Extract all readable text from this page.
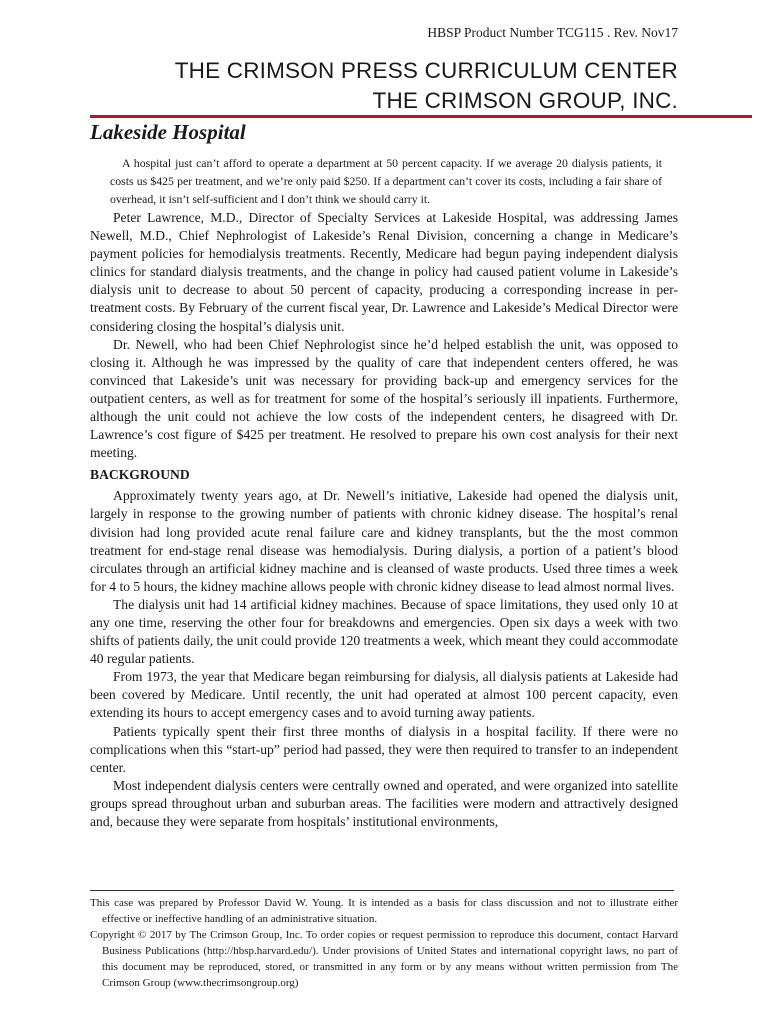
HBSP Product Number TCG115 . Rev. Nov17
THE CRIMSON PRESS CURRICULUM CENTER
THE CRIMSON GROUP, INC.
Lakeside Hospital
A hospital just can’t afford to operate a department at 50 percent capacity. If we average 20 dialysis patients, it costs us $425 per treatment, and we’re only paid $250. If a department can’t cover its costs, including a fair share of overhead, it isn’t self-sufficient and I don’t think we should carry it.

Peter Lawrence, M.D., Director of Specialty Services at Lakeside Hospital, was addressing James Newell, M.D., Chief Nephrologist of Lakeside’s Renal Division, concerning a change in Medicare’s payment policies for hemodialysis treatments. Recently, Medicare had begun paying independent dialysis clinics for standard dialysis treatments, and the change in policy had caused patient volume in Lakeside’s dialysis unit to decrease to about 50 percent of capacity, producing a corresponding increase in per-treatment costs. By February of the current fiscal year, Dr. Lawrence and Lakeside’s Medical Director were considering closing the hospital’s dialysis unit.

Dr. Newell, who had been Chief Nephrologist since he’d helped establish the unit, was opposed to closing it. Although he was impressed by the quality of care that independent centers offered, he was convinced that Lakeside’s unit was necessary for providing back-up and emergency services for the outpatient centers, as well as for treatment for some of the hospital’s seriously ill inpatients. Furthermore, although the unit could not achieve the low costs of the independent centers, he disagreed with Dr. Lawrence’s cost figure of $425 per treatment. He resolved to prepare his own cost analysis for their next meeting.

BACKGROUND

Approximately twenty years ago, at Dr. Newell’s initiative, Lakeside had opened the dialysis unit, largely in response to the growing number of patients with chronic kidney disease. The hospital’s renal division had long provided acute renal failure care and kidney transplants, but the the most common treatment for end-stage renal disease was hemodialysis. During dialysis, a portion of a patient’s blood circulates through an artificial kidney machine and is cleansed of waste products. Used three times a week for 4 to 5 hours, the kidney machine allows people with chronic kidney disease to lead almost normal lives.

The dialysis unit had 14 artificial kidney machines. Because of space limitations, they used only 10 at any one time, reserving the other four for breakdowns and emergencies. Open six days a week with two shifts of patients daily, the unit could provide 120 treatments a week, which meant they could accommodate 40 regular patients.

From 1973, the year that Medicare began reimbursing for dialysis, all dialysis patients at Lakeside had been covered by Medicare. Until recently, the unit had operated at almost 100 percent capacity, even extending its hours to accept emergency cases and to avoid turning away patients.

Patients typically spent their first three months of dialysis in a hospital facility. If there were no complications when this “start-up” period had passed, they were then required to transfer to an independent center.

Most independent dialysis centers were centrally owned and operated, and were organized into satellite groups spread throughout urban and suburban areas. The facilities were modern and attractively designed and, because they were separate from hospitals’ institutional environments,

This case was prepared by Professor David W. Young. It is intended as a basis for class discussion and not to illustrate either effective or ineffective handling of an administrative situation.

Copyright © 2017 by The Crimson Group, Inc. To order copies or request permission to reproduce this document, contact Harvard Business Publications (http://hbsp.harvard.edu/). Under provisions of United States and international copyright laws, no part of this document may be reproduced, stored, or transmitted in any form or by any means without written permission from The Crimson Group (www.thecrimsongroup.org)
